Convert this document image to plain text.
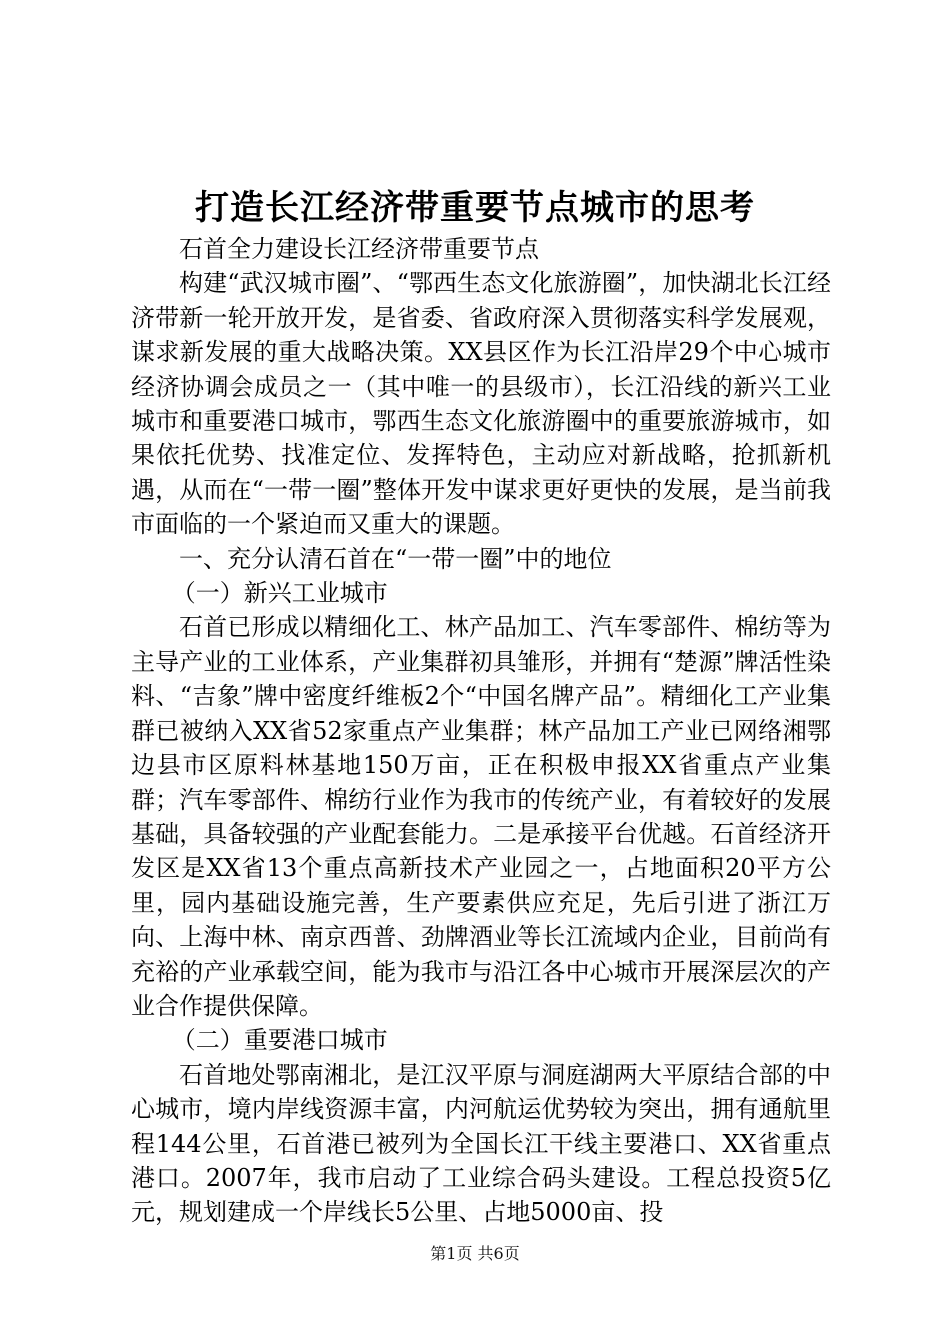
打造长江经济带重要节点城市的思考

石首全力建设长江经济带重要节点

构建“武汉城市圈”、“鄂西生态文化旅游圈”，加快湖北长江经济带新一轮开放开发，是省委、省政府深入贯彻落实科学发展观，谋求新发展的重大战略决策。XX县区作为长江沿岸29个中心城市经济协调会成员之一（其中唯一的县级市），长江沿线的新兴工业城市和重要港口城市，鄂西生态文化旅游圈中的重要旅游城市，如果依托优势、找准定位、发挥特色，主动应对新战略，抢抓新机遇，从而在“一带一圈”整体开发中谋求更好更快的发展，是当前我市面临的一个紧迫而又重大的课题。

一、充分认清石首在“一带一圈”中的地位

（一）新兴工业城市

石首已形成以精细化工、林产品加工、汽车零部件、棉纺等为主导产业的工业体系，产业集群初具雏形，并拥有“楚源”牌活性染料、“吉象”牌中密度纤维板2个“中国名牌产品”。精细化工产业集群已被纳入XX省52家重点产业集群；林产品加工产业已网络湘鄂边县市区原料林基地150万亩，正在积极申报XX省重点产业集群；汽车零部件、棉纺行业作为我市的传统产业，有着较好的发展基础，具备较强的产业配套能力。二是承接平台优越。石首经济开发区是XX省13个重点高新技术产业园之一，占地面积20平方公里，园内基础设施完善，生产要素供应充足，先后引进了浙江万向、上海中林、南京西普、劲牌酒业等长江流域内企业，目前尚有充裕的产业承载空间，能为我市与沿江各中心城市开展深层次的产业合作提供保障。

（二）重要港口城市

石首地处鄂南湘北，是江汉平原与洞庭湖两大平原结合部的中心城市，境内岸线资源丰富，内河航运优势较为突出，拥有通航里程144公里，石首港已被列为全国长江干线主要港口、XX省重点港口。2007年，我市启动了工业综合码头建设。工程总投资5亿元，规划建成一个岸线长5公里、占地5000亩、投

第1页 共6页
